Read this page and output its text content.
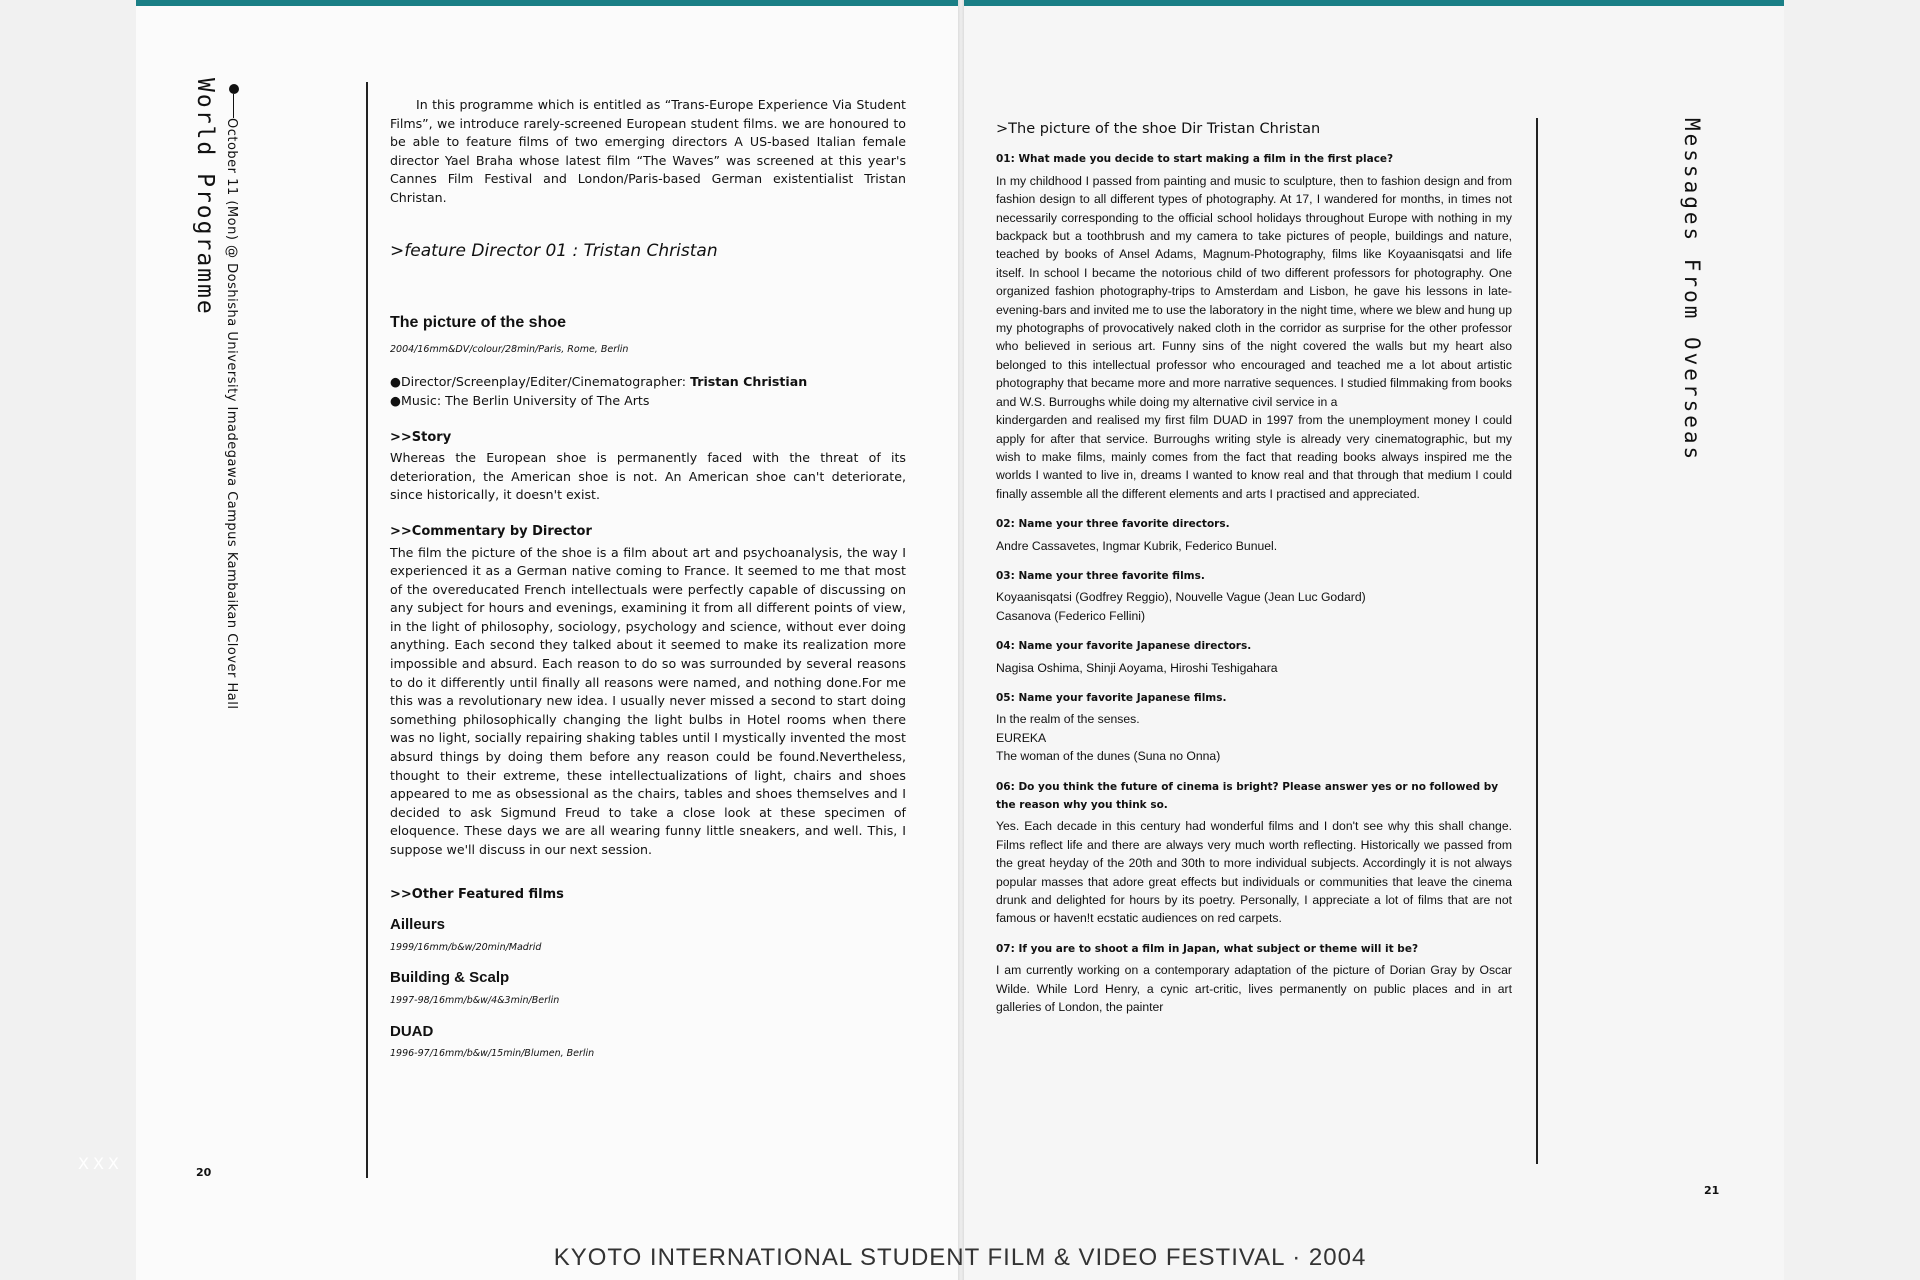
World Programme October 11 (Mon) @ Doshisha University Imadegawa Campus Kambaikan Clover Hall

In this programme which is entitled as “Trans-Europe Experience Via Student Films”, we introduce rarely-screened European student films. we are honoured to be able to feature films of two emerging directors A US-based Italian female director Yael Braha whose latest film “The Waves” was screened at this year's Cannes Film Festival and London/Paris-based German existentialist Tristan Christan.

>feature Director 01 : Tristan Christan
The picture of the shoe
2004/16mm&DV/colour/28min/Paris, Rome, Berlin

●Director/Screenplay/Editer/Cinematographer: Tristan Christian

●Music: The Berlin University of The Arts

>>Story

Whereas the European shoe is permanently faced with the threat of its deterioration, the American shoe is not. An American shoe can't deteriorate, since historically, it doesn't exist.

>>Commentary by Director

The film the picture of the shoe is a film about art and psychoanalysis, the way I experienced it as a German native coming to France. It seemed to me that most of the overeducated French intellectuals were perfectly capable of discussing on any subject for hours and evenings, examining it from all different points of view, in the light of philosophy, sociology, psychology and science, without ever doing anything. Each second they talked about it seemed to make its realization more impossible and absurd. Each reason to do so was surrounded by several reasons to do it differently until finally all reasons were named, and nothing done.For me this was a revolutionary new idea. I usually never missed a second to start doing something philosophically changing the light bulbs in Hotel rooms when there was no light, socially repairing shaking tables until I mystically invented the most absurd things by doing them before any reason could be found.Nevertheless, thought to their extreme, these intellectualizations of light, chairs and shoes appeared to me as obsessional as the chairs, tables and shoes themselves and I decided to ask Sigmund Freud to take a close look at these specimen of eloquence. These days we are all wearing funny little sneakers, and well. This, I suppose we'll discuss in our next session.

>>Other Featured films
Ailleurs
1999/16mm/b&w/20min/Madrid
Building & Scalp
1997-98/16mm/b&w/4&3min/Berlin
DUAD
1996-97/16mm/b&w/15min/Blumen, Berlin
20
XXX
Messages From Overseas
>The picture of the shoe Dir Tristan Christan
01: What made you decide to start making a film in the first place?

In my childhood I passed from painting and music to sculpture, then to fashion design and from fashion design to all different types of photography. At 17, I wandered for months, in times not necessarily corresponding to the official school holidays throughout Europe with nothing in my backpack but a toothbrush and my camera to take pictures of people, buildings and nature, teached by books of Ansel Adams, Magnum-Photography, films like Koyaanisqatsi and life itself. In school I became the notorious child of two different professors for photography. One organized fashion photography-trips to Amsterdam and Lisbon, he gave his lessons in late-evening-bars and invited me to use the laboratory in the night time, where we blew and hung up my photographs of provocatively naked cloth in the corridor as surprise for the other professor who believed in serious art. Funny sins of the night covered the walls but my heart also belonged to this intellectual professor who encouraged and teached me a lot about artistic photography that became more and more narrative sequences. I studied filmmaking from books and W.S. Burroughs while doing my alternative civil service in a

kindergarden and realised my first film DUAD in 1997 from the unemployment money I could apply for after that service. Burroughs writing style is already very cinematographic, but my wish to make films, mainly comes from the fact that reading books always inspired me the worlds I wanted to live in, dreams I wanted to know real and that through that medium I could finally assemble all the different elements and arts I practised and appreciated.

02: Name your three favorite directors.

Andre Cassavetes, Ingmar Kubrik, Federico Bunuel.

03: Name your three favorite films.

Koyaanisqatsi (Godfrey Reggio), Nouvelle Vague (Jean Luc Godard)

Casanova (Federico Fellini)

04: Name your favorite Japanese directors.

Nagisa Oshima, Shinji Aoyama, Hiroshi Teshigahara

05: Name your favorite Japanese films.

In the realm of the senses.

EUREKA

The woman of the dunes (Suna no Onna)

06: Do you think the future of cinema is bright? Please answer yes or no followed by the reason why you think so.

Yes. Each decade in this century had wonderful films and I don't see why this shall change. Films reflect life and there are always very much worth reflecting. Historically we passed from the great heyday of the 20th and 30th to more individual subjects. Accordingly it is not always popular masses that adore great effects but individuals or communities that leave the cinema drunk and delighted for hours by its poetry. Personally, I appreciate a lot of films that are not famous or haven!t ecstatic audiences on red carpets.

07: If you are to shoot a film in Japan, what subject or theme will it be?

I am currently working on a contemporary adaptation of the picture of Dorian Gray by Oscar Wilde. While Lord Henry, a cynic art-critic, lives permanently on public places and in art galleries of London, the painter

21
KYOTO INTERNATIONAL STUDENT FILM & VIDEO FESTIVAL · 2004
